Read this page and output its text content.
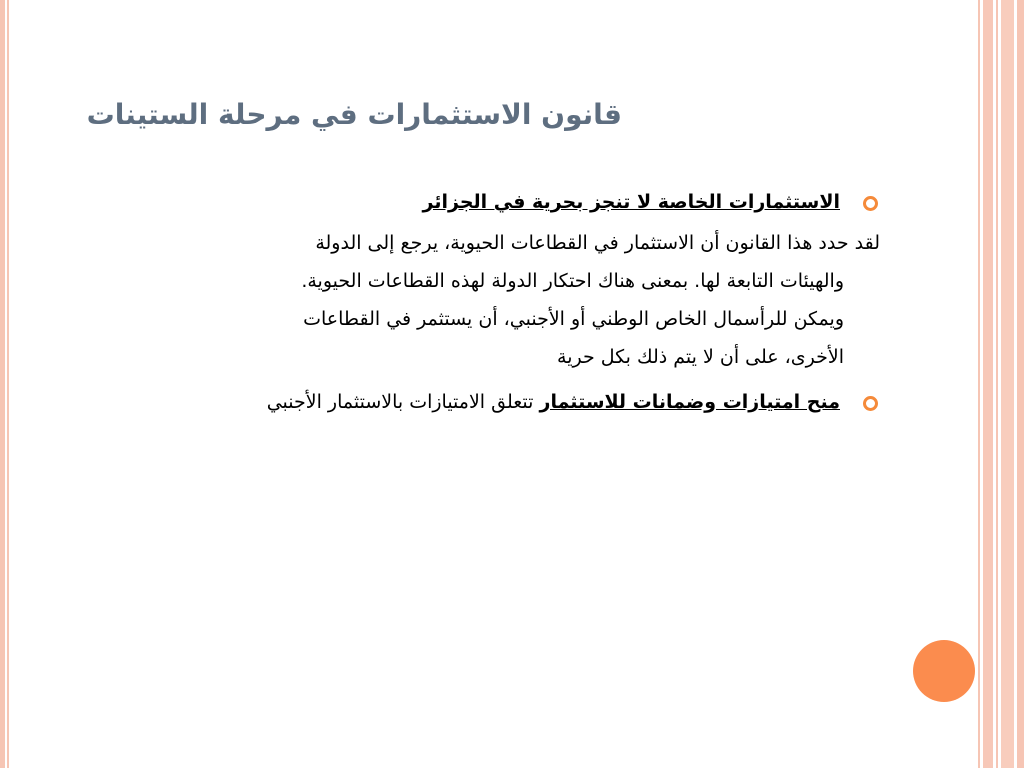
قانون الاستثمارات في مرحلة الستينات
الاستثمارات الخاصة لا تنجز بحرية في الجزائر
لقد حدد هذا القانون أن الاستثمار في القطاعات الحيوية، يرجع إلى الدولة
والهيئات التابعة لها. بمعنى هناك احتكار الدولة لهذه القطاعات الحيوية.
ويمكن للرأسمال الخاص الوطني أو الأجنبي، أن يستثمر في القطاعات
الأخرى، على أن لا يتم ذلك بكل حرية
منح امتيازات وضمانات للاستثمار تتعلق الامتيازات بالاستثمار الأجنبي
